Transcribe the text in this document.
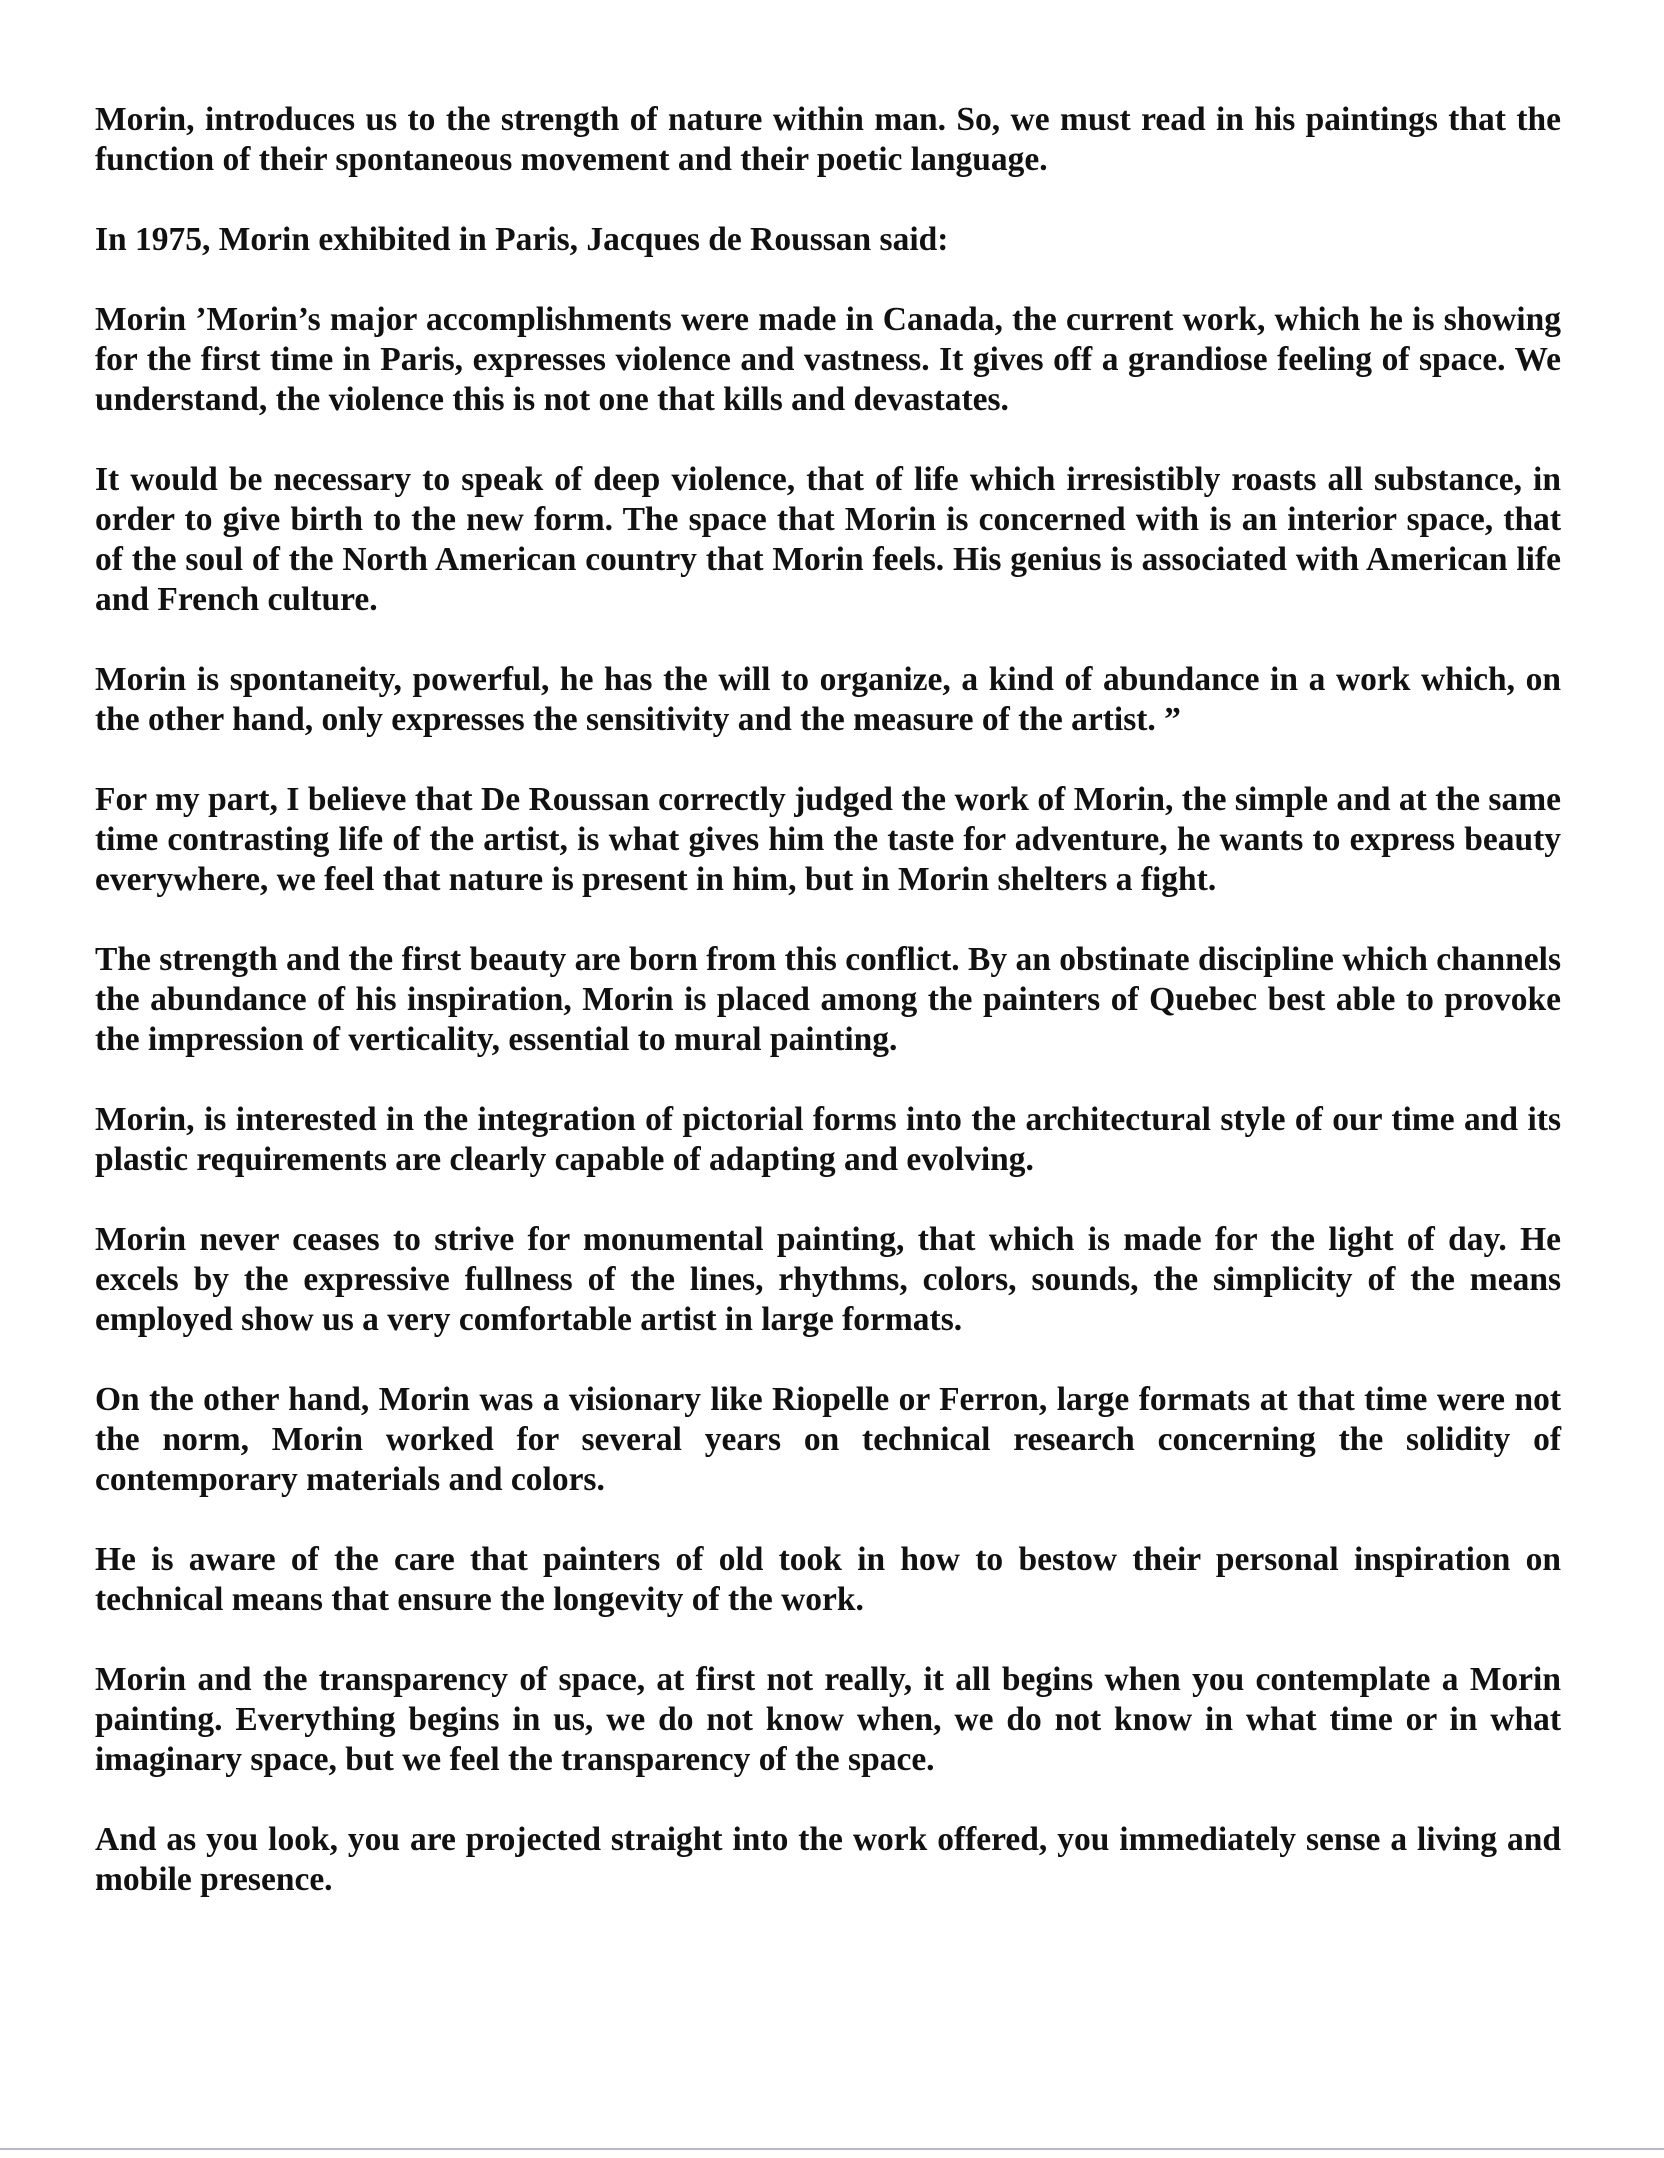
Morin, introduces us to the strength of nature within man. So, we must read in his paintings that the function of their spontaneous movement and their poetic language.

In 1975, Morin exhibited in Paris, Jacques de Roussan said:

Morin ’Morin’s major accomplishments were made in Canada, the current work, which he is showing for the first time in Paris, expresses violence and vastness. It gives off a grandiose feeling of space. We understand, the violence this is not one that kills and devastates.

It would be necessary to speak of deep violence, that of life which irresistibly roasts all substance, in order to give birth to the new form. The space that Morin is concerned with is an interior space, that of the soul of the North American country that Morin feels. His genius is associated with American life and French culture.

Morin is spontaneity, powerful, he has the will to organize, a kind of abundance in a work which, on the other hand, only expresses the sensitivity and the measure of the artist. ”

For my part, I believe that De Roussan correctly judged the work of Morin, the simple and at the same time contrasting life of the artist, is what gives him the taste for adventure, he wants to express beauty everywhere, we feel that nature is present in him, but in Morin shelters a fight.

The strength and the first beauty are born from this conflict. By an obstinate discipline which channels the abundance of his inspiration, Morin is placed among the painters of Quebec best able to provoke the impression of verticality, essential to mural painting.

Morin, is interested in the integration of pictorial forms into the architectural style of our time and its plastic requirements are clearly capable of adapting and evolving.

Morin never ceases to strive for monumental painting, that which is made for the light of day. He excels by the expressive fullness of the lines, rhythms, colors, sounds, the simplicity of the means employed show us a very comfortable artist in large formats.

On the other hand, Morin was a visionary like Riopelle or Ferron, large formats at that time were not the norm, Morin worked for several years on technical research concerning the solidity of contemporary materials and colors.

He is aware of the care that painters of old took in how to bestow their personal inspiration on technical means that ensure the longevity of the work.

Morin and the transparency of space, at first not really, it all begins when you contemplate a Morin painting. Everything begins in us, we do not know when, we do not know in what time or in what imaginary space, but we feel the transparency of the space.

And as you look, you are projected straight into the work offered, you immediately sense a living and mobile presence.
